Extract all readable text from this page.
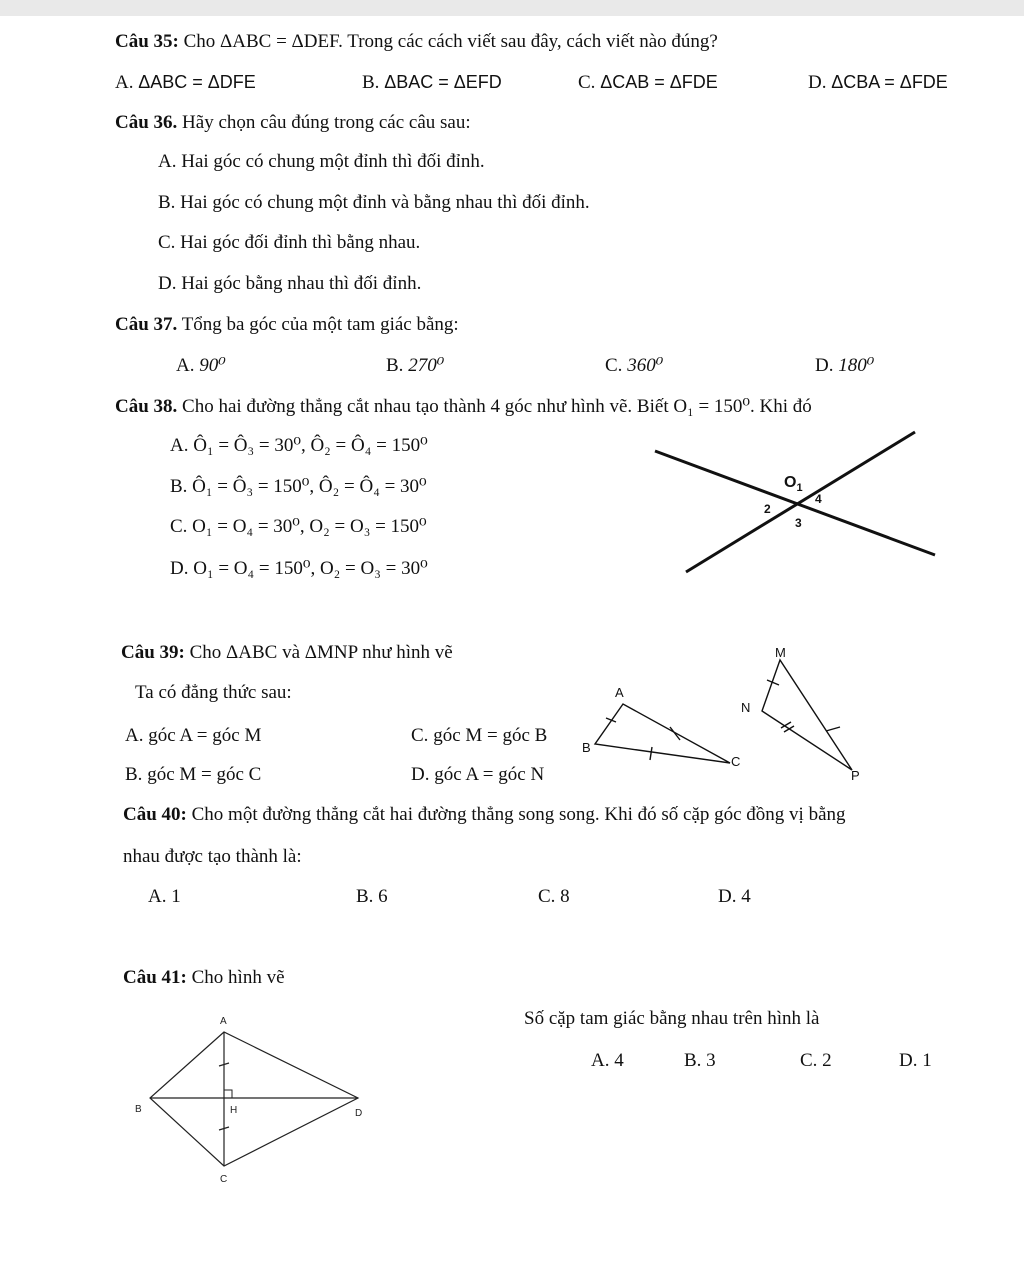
Câu 35: Cho ΔABC = ΔDEF. Trong các cách viết sau đây, cách viết nào đúng?
A. ΔABC = ΔDFE	B. ΔBAC = ΔEFD	C. ΔCAB = ΔFDE	D. ΔCBA = ΔFDE
Câu 36. Hãy chọn câu đúng trong các câu sau:
A. Hai góc có chung một đỉnh thì đối đỉnh.
B. Hai góc có chung một đỉnh và bằng nhau thì đối đỉnh.
C. Hai góc đối đỉnh thì bằng nhau.
D. Hai góc bằng nhau thì đối đỉnh.
Câu 37. Tổng ba góc của một tam giác bằng:
A. 90⁰	B. 270⁰	C. 360⁰	D. 180⁰
Câu 38. Cho hai đường thẳng cắt nhau tạo thành 4 góc như hình vẽ. Biết O₁ = 150⁰. Khi đó
A. Ô₁ = Ô₃ = 30⁰, Ô₂ = Ô₄ = 150⁰
B. Ô₁ = Ô₃ = 150⁰, Ô₂ = Ô₄ = 30⁰
C. O₁ = O₄ = 30⁰, O₂ = O₃ = 150⁰
D. O₁ = O₄ = 150⁰, O₂ = O₃ = 30⁰
$O_1$
2
4
3
Câu 39: Cho ΔABC và ΔMNP như hình vẽ
Ta có đẳng thức sau:
A. góc A = góc M	C. góc M = góc B
B. góc M = góc C	D. góc A = góc N
A
B
C
M
N
P
Câu 40: Cho một đường thẳng cắt hai đường thẳng song song. Khi đó số cặp góc đồng vị bằng
nhau được tạo thành là:
A. 1	B. 6	C. 8	D. 4
Câu 41: Cho hình vẽ
Số cặp tam giác bằng nhau trên hình là
A. 4	B. 3	C. 2	D. 1
A
B	H	D
C
